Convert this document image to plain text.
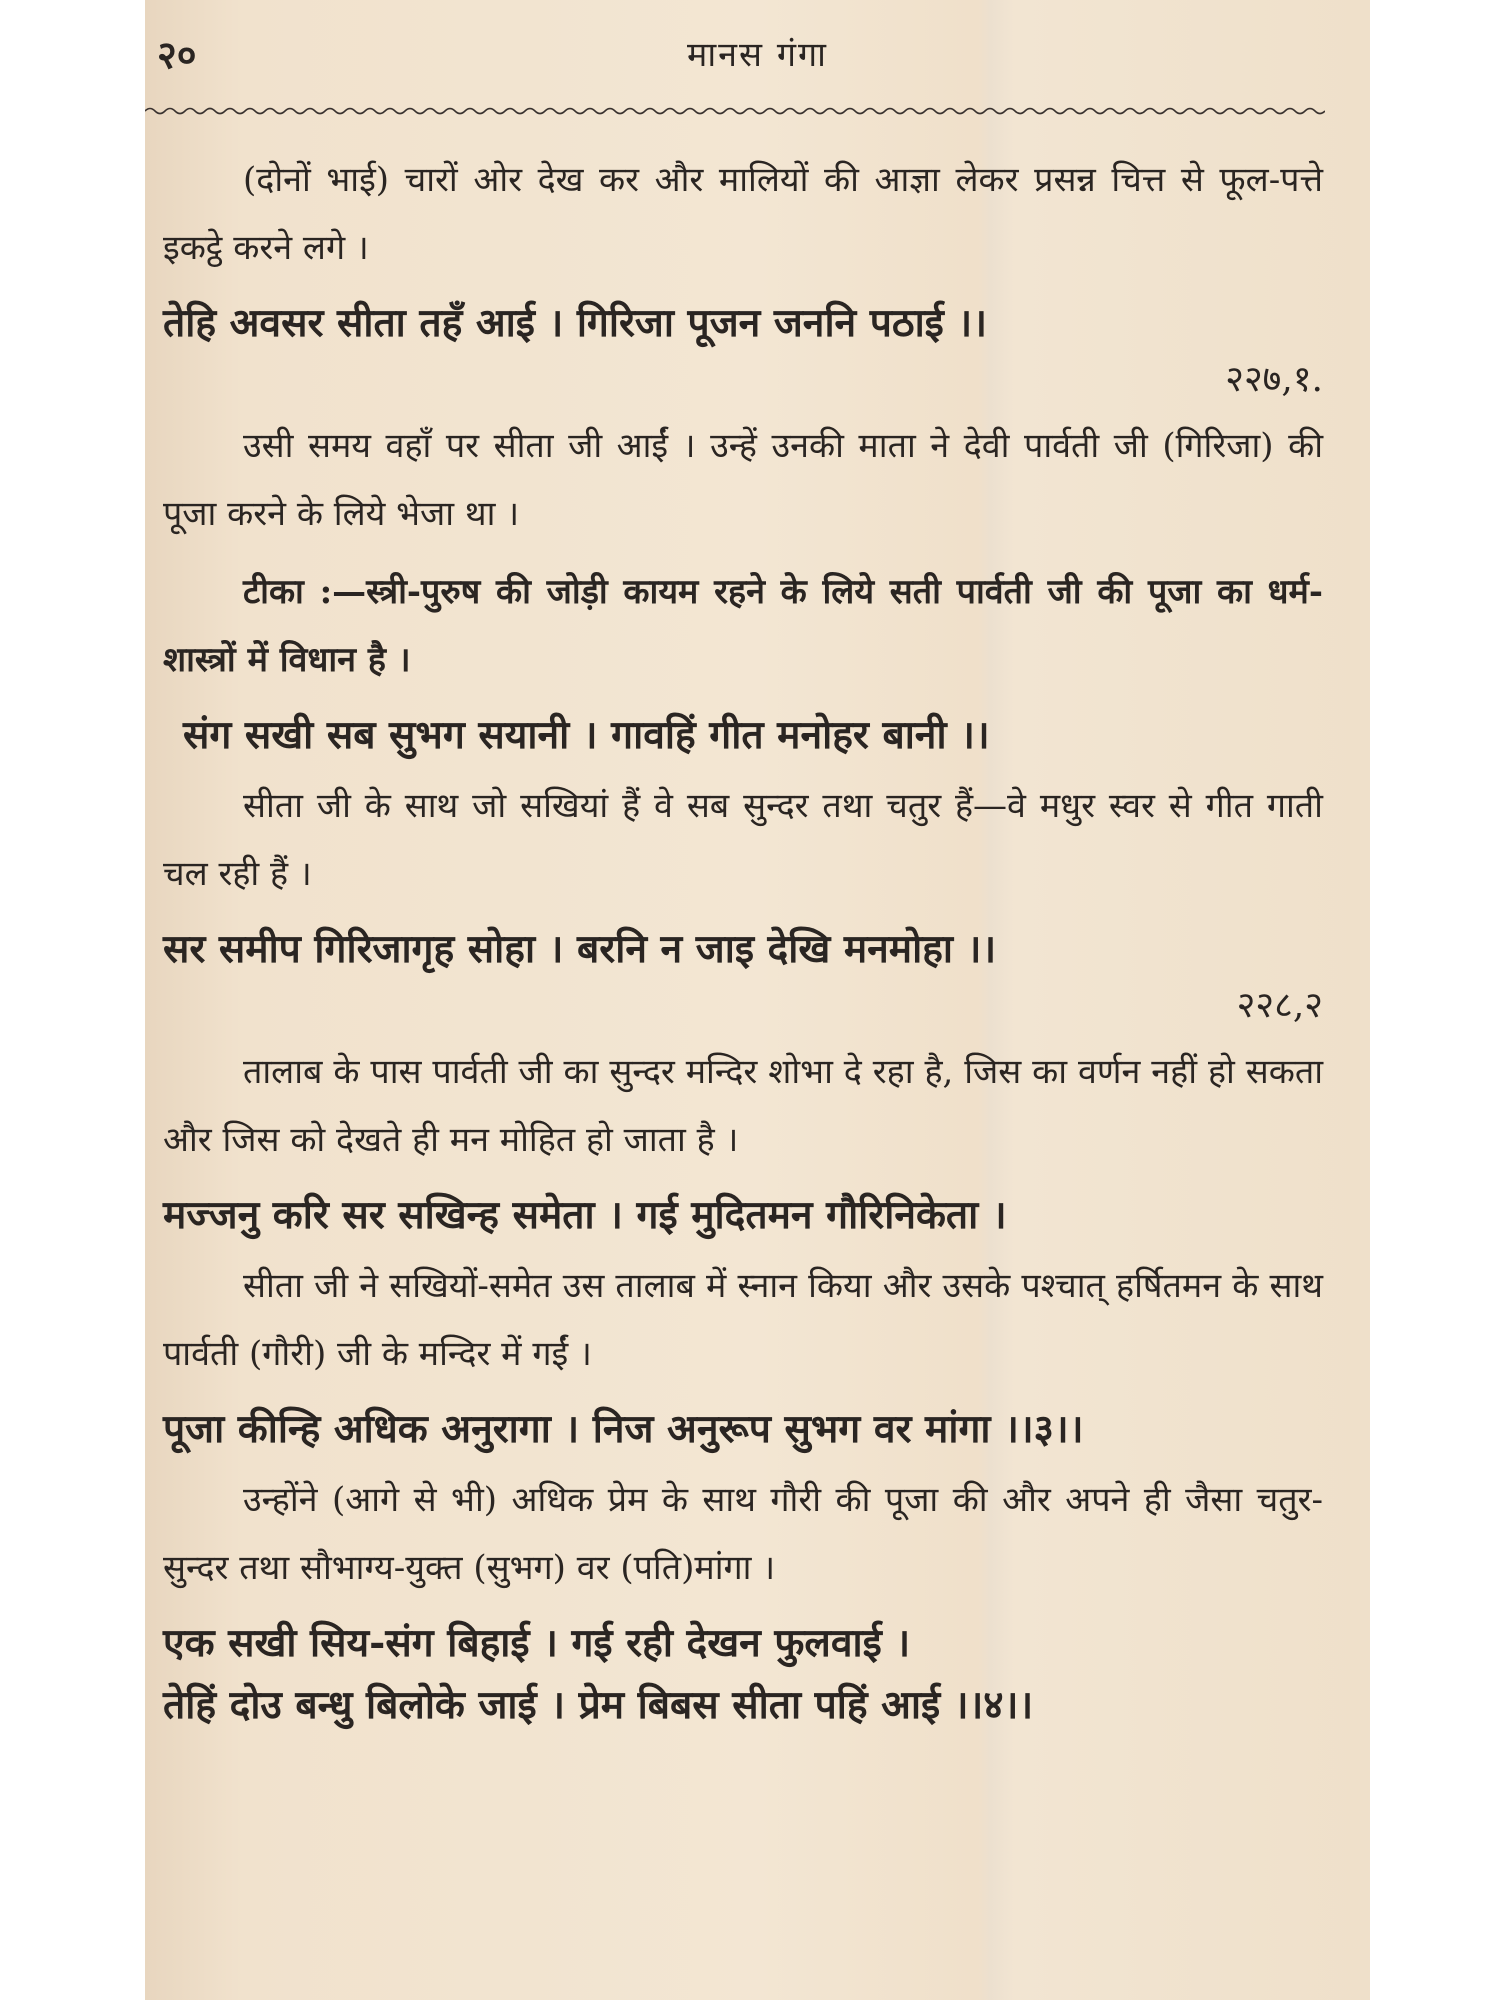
२०	मानस गंगा

(दोनों भाई) चारों ओर देख कर और मालियों की आज्ञा लेकर प्रसन्न चित्त से फूल-पत्ते इकट्ठे करने लगे ।

तेहि अवसर सीता तहँ आई । गिरिजा पूजन जननि पठाई ।।

२२७,१.

उसी समय वहाँ पर सीता जी आईं । उन्हें उनकी माता ने देवी पार्वती जी (गिरिजा) की पूजा करने के लिये भेजा था ।

टीका :—स्त्री-पुरुष की जोड़ी कायम रहने के लिये सती पार्वती जी की पूजा का धर्म-शास्त्रों में विधान है ।

संग सखी सब सुभग सयानी । गावहिं गीत मनोहर बानी ।।

सीता जी के साथ जो सखियां हैं वे सब सुन्दर तथा चतुर हैं—वे मधुर स्वर से गीत गाती चल रही हैं ।

सर समीप गिरिजागृह सोहा । बरनि न जाइ देखि मनमोहा ।।

२२८,२

तालाब के पास पार्वती जी का सुन्दर मन्दिर शोभा दे रहा है, जिस का वर्णन नहीं हो सकता और जिस को देखते ही मन मोहित हो जाता है ।

मज्जनु करि सर सखिन्ह समेता । गई मुदितमन गौरिनिकेता ।

सीता जी ने सखियों-समेत उस तालाब में स्नान किया और उसके पश्चात् हर्षितमन के साथ पार्वती (गौरी) जी के मन्दिर में गईं ।

पूजा कीन्हि अधिक अनुरागा । निज अनुरूप सुभग वर मांगा ।।३।।

उन्होंने (आगे से भी) अधिक प्रेम के साथ गौरी की पूजा की और अपने ही जैसा चतुर-सुन्दर तथा सौभाग्य-युक्त (सुभग) वर (पति)मांगा ।

एक सखी सिय-संग बिहाई । गई रही देखन फुलवाई ।

तेहिं दोउ बन्धु बिलोके जाई । प्रेम बिबस सीता पहिं आई ।।४।।
